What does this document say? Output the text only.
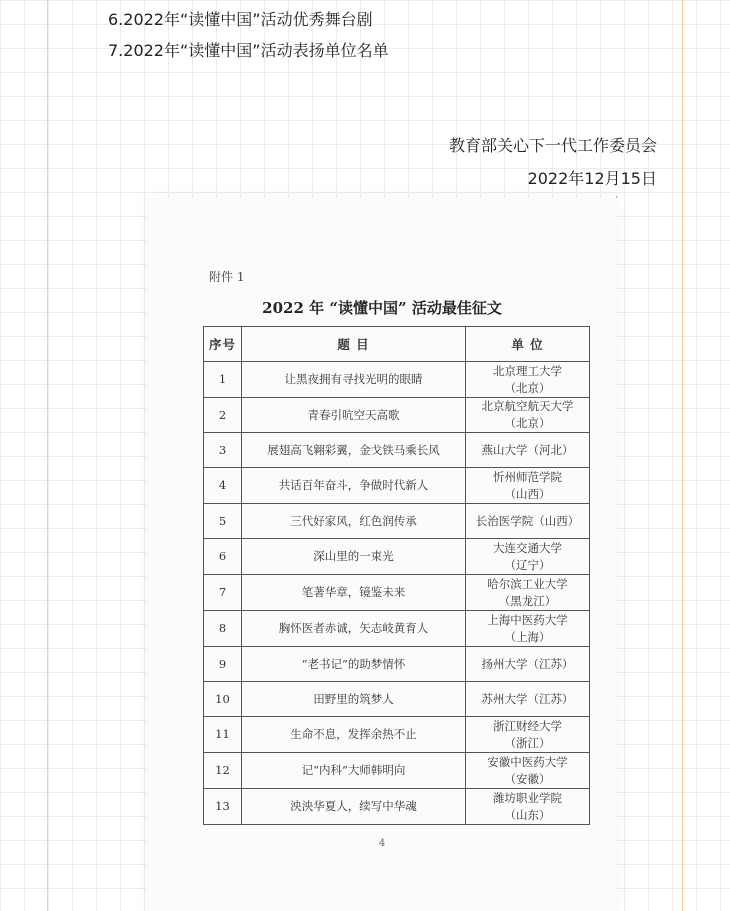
6.2022年“读懂中国”活动优秀舞台剧
7.2022年“读懂中国”活动表扬单位名单
教育部关心下一代工作委员会
2022年12月15日
附件 1
2022 年 “读懂中国” 活动最佳征文
序号	题 目	单 位
1	让黑夜拥有寻找光明的眼睛	北京理工大学
（北京）

2	青春引吭空天高歌	北京航空航天大学
（北京）

3	展翅高飞翱彩翼，金戈铁马乘长风	燕山大学（河北）

4	共话百年奋斗，争做时代新人	忻州师范学院
（山西）

5	三代好家风，红色润传承	长治医学院（山西）

6	深山里的一束光	大连交通大学
（辽宁）

7	笔著华章，镜鉴未来	哈尔滨工业大学
（黑龙江）

8	胸怀医者赤诚，矢志岐黄育人	上海中医药大学
（上海）

9	“老书记”的助梦情怀	扬州大学（江苏）

10	田野里的筑梦人	苏州大学（江苏）

11	生命不息，发挥余热不止	浙江财经大学
（浙江）

12	记“内科”大师韩明向	安徽中医药大学
（安徽）

13	泱泱华夏人，续写中华魂	潍坊职业学院
（山东）
4
